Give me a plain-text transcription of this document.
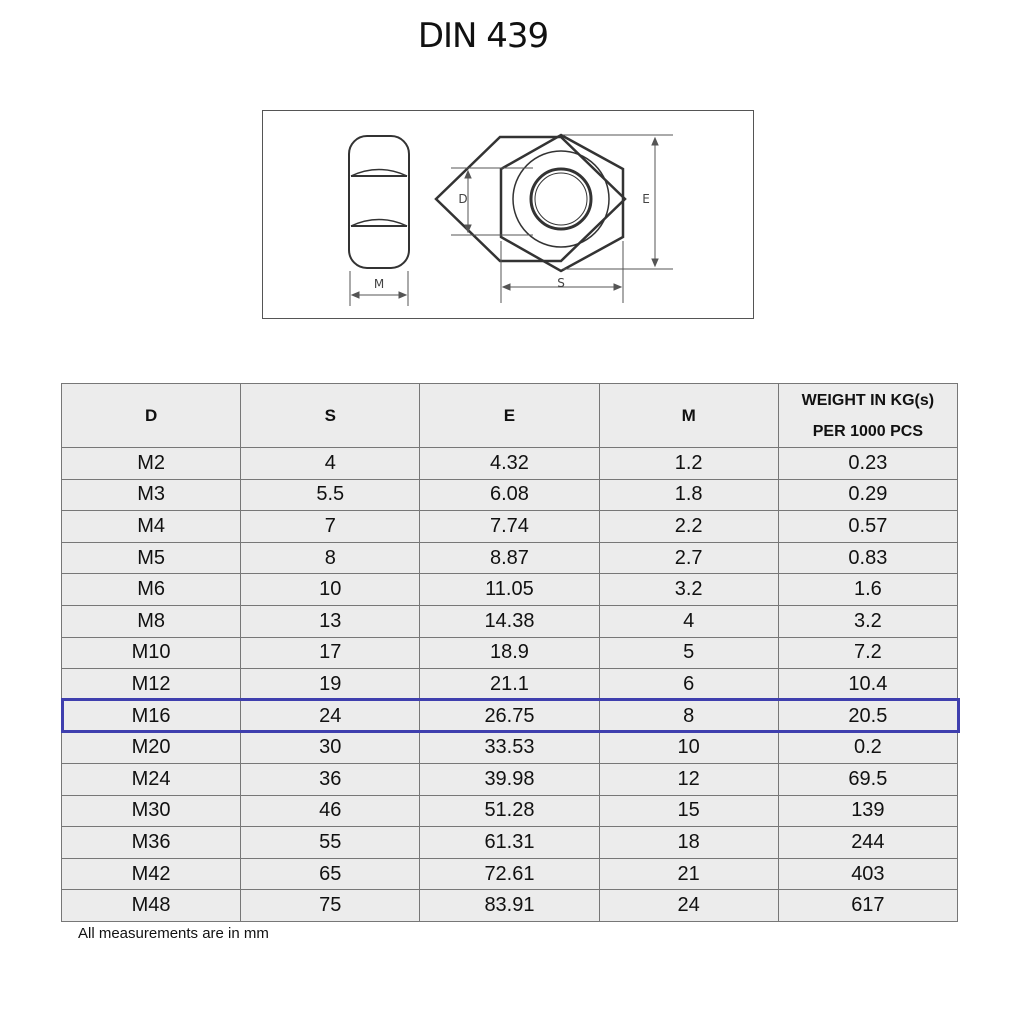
DIN 439
M
D	E
S
D	S	E	M	WEIGHT IN KG(s)
PER 1000 PCS

M2	4	4.32	1.2	0.23
M3	5.5	6.08	1.8	0.29
M4	7	7.74	2.2	0.57
M5	8	8.87	2.7	0.83
M6	10	11.05	3.2	1.6
M8	13	14.38	4	3.2
M10	17	18.9	5	7.2
M12	19	21.1	6	10.4
M16	24	26.75	8	20.5
M20	30	33.53	10	0.2
M24	36	39.98	12	69.5
M30	46	51.28	15	139
M36	55	61.31	18	244
M42	65	72.61	21	403
M48	75	83.91	24	617
All measurements are in mm
